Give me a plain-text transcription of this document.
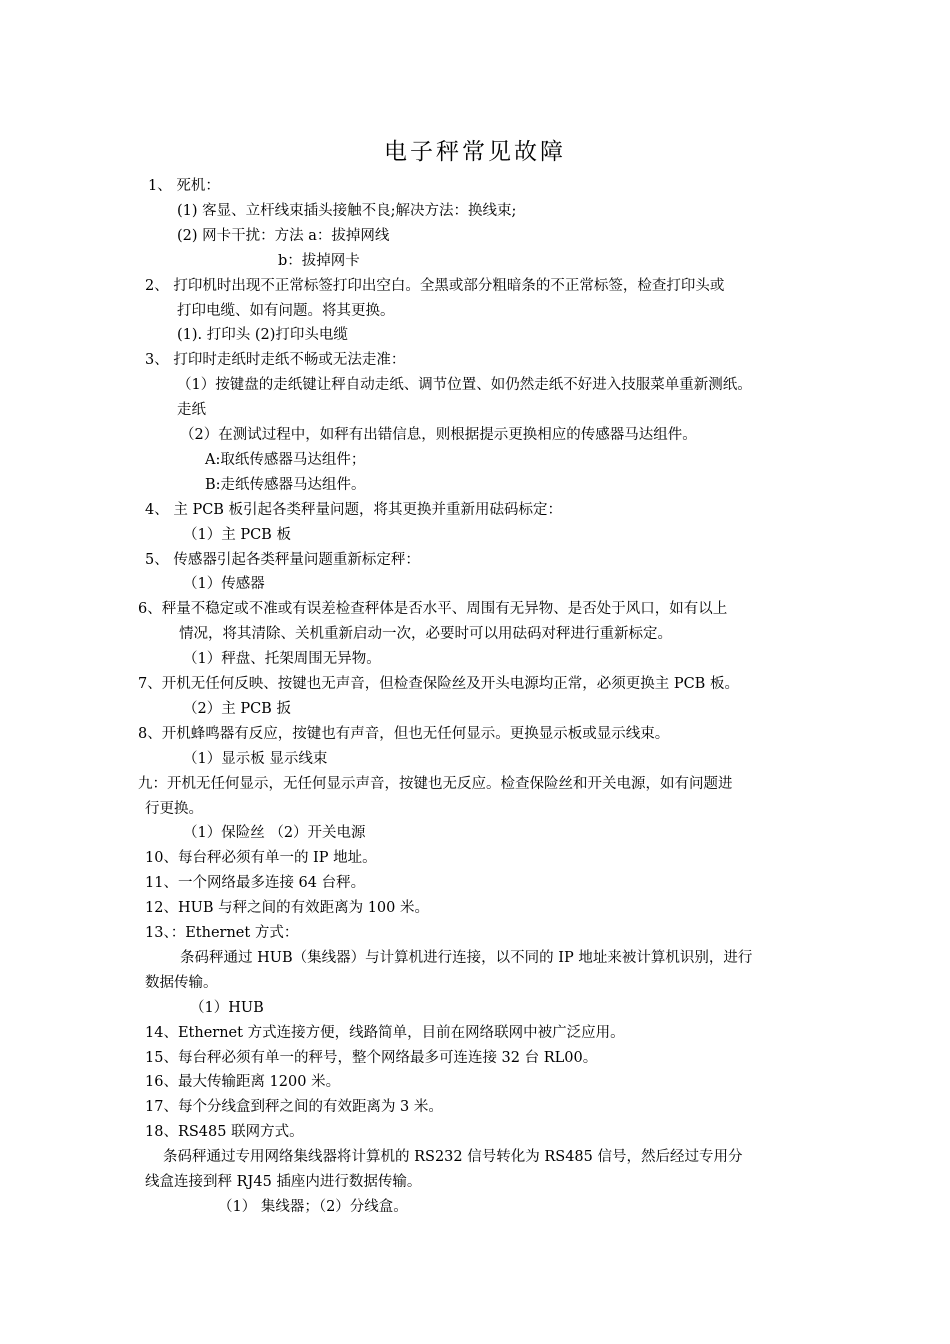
电子秤常见故障
1、 死机：
(1) 客显、立杆线束插头接触不良;解决方法：换线束;
(2) 网卡干扰：方法 a：拔掉网线
b：拔掉网卡
2、 打印机时出现不正常标签打印出空白。全黑或部分粗暗条的不正常标签，检查打印头或
打印电缆、如有问题。将其更换。
(1). 打印头 (2)打印头电缆
3、 打印时走纸时走纸不畅或无法走准：
（1）按键盘的走纸键让秤自动走纸、调节位置、如仍然走纸不好进入技服菜单重新测纸。
走纸
（2）在测试过程中，如秤有出错信息，则根据提示更换相应的传感器马达组件。
A:取纸传感器马达组件；
B:走纸传感器马达组件。
4、 主 PCB 板引起各类秤量问题，将其更换并重新用砝码标定：
（1）主 PCB 板
5、 传感器引起各类秤量问题重新标定秤：
（1）传感器
6、秤量不稳定或不准或有误差检查秤体是否水平、周围有无异物、是否处于风口，如有以上
情况，将其清除、关机重新启动一次，必要时可以用砝码对秤进行重新标定。
（1）秤盘、托架周围无异物。
7、开机无任何反映、按键也无声音，但检查保险丝及开头电源均正常，必须更换主 PCB 板。
（2）主 PCB 扳
8、开机蜂鸣器有反应，按键也有声音，但也无任何显示。更换显示板或显示线束。
（1）显示板 显示线束
九：开机无任何显示，无任何显示声音，按键也无反应。检查保险丝和开关电源，如有问题进
行更换。
（1）保险丝 （2）开关电源
10、每台秤必须有单一的 IP 地址。
11、一个网络最多连接 64 台秤。
12、HUB 与秤之间的有效距离为 100 米。
13、：Ethernet 方式：
条码秤通过 HUB（集线器）与计算机进行连接，以不同的 IP 地址来被计算机识别，进行
数据传输。
（1）HUB
14、Ethernet 方式连接方便，线路简单，目前在网络联网中被广泛应用。
15、每台秤必须有单一的秤号，整个网络最多可连连接 32 台 RL00。
16、最大传输距离 1200 米。
17、每个分线盒到秤之间的有效距离为 3 米。
18、RS485 联网方式。
条码秤通过专用网络集线器将计算机的 RS232 信号转化为 RS485 信号，然后经过专用分
线盒连接到秤 RJ45 插座内进行数据传输。
（1） 集线器；（2）分线盒。
